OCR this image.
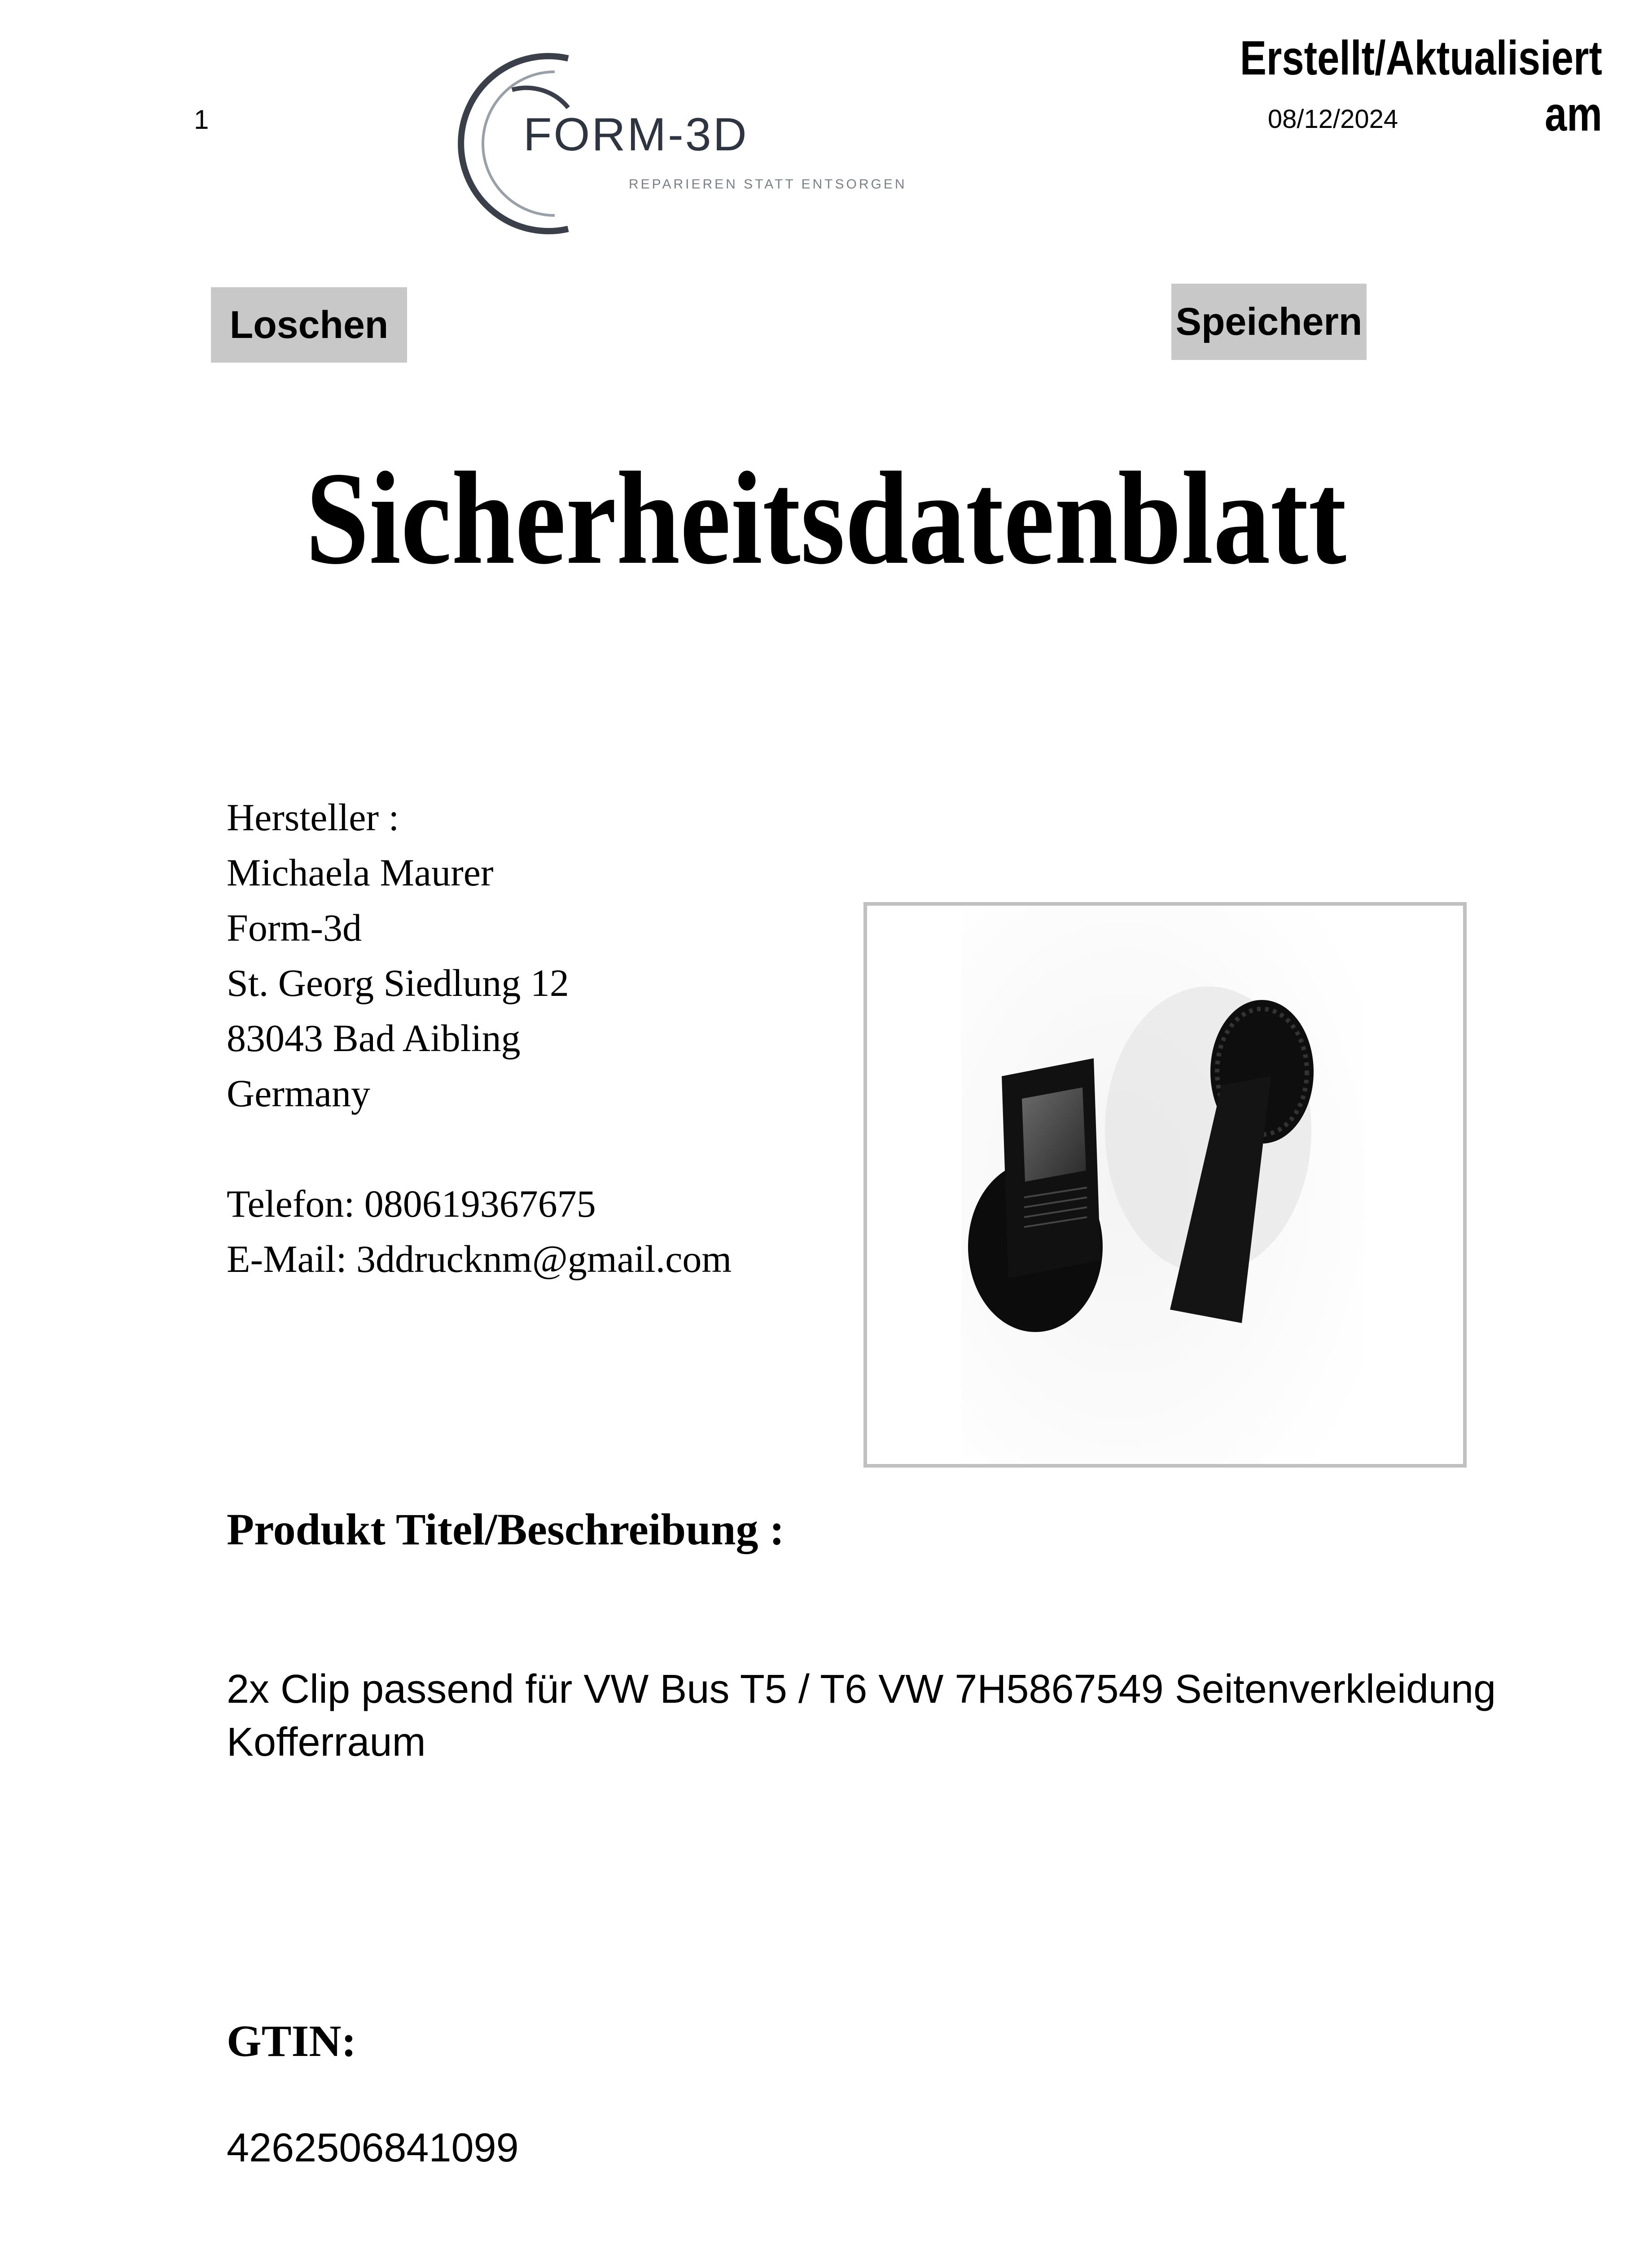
1	FORM-3D
REPARIEREN STATT ENTSORGEN
Erstellt/Aktualisiert am
08/12/2024
Loschen	Speichern
Sicherheitsdatenblatt
Hersteller :
Michaela Maurer
Form-3d
St. Georg Siedlung 12
83043 Bad Aibling
Germany
Telefon: 080619367675
E-Mail: 3ddrucknm@gmail.com
Produkt Titel/Beschreibung :
2x Clip passend für VW Bus T5 / T6 VW 7H5867549 Seitenverkleidung Kofferraum
GTIN:
4262506841099
